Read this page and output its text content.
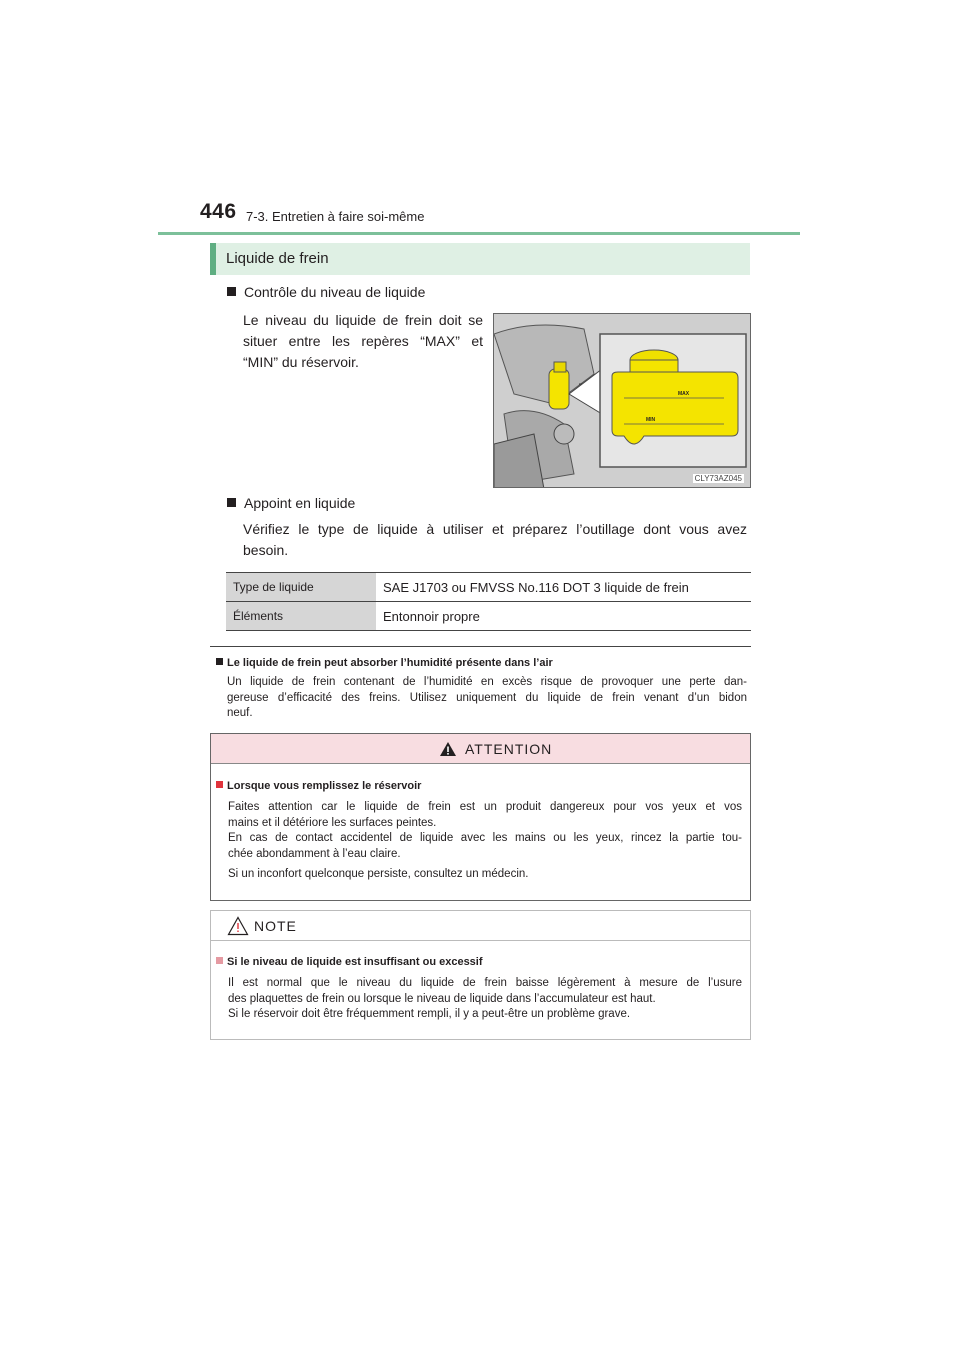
446 7-3. Entretien à faire soi-même
Liquide de frein
Contrôle du niveau de liquide
Le niveau du liquide de frein doit se
situer entre les repères “MAX” et
“MIN” du réservoir.
MAX
MIN
CLY73AZ045
Appoint en liquide
Vérifiez le type de liquide à utiliser et préparez l’outillage dont vous avez
besoin.
Type de liquide	SAE J1703 ou FMVSS No.116 DOT 3 liquide de frein
Éléments	Entonnoir propre
Le liquide de frein peut absorber l’humidité présente dans l’air
Un liquide de frein contenant de l’humidité en excès risque de provoquer une perte dan-
gereuse d’efficacité des freins. Utilisez uniquement du liquide de frein venant d’un bidon
neuf.
ATTENTION
Lorsque vous remplissez le réservoir
Faites attention car le liquide de frein est un produit dangereux pour vos yeux et vos
mains et il détériore les surfaces peintes.
En cas de contact accidentel de liquide avec les mains ou les yeux, rincez la partie tou-
chée abondamment à l’eau claire.
Si un inconfort quelconque persiste, consultez un médecin.
NOTE
Si le niveau de liquide est insuffisant ou excessif
Il est normal que le niveau du liquide de frein baisse légèrement à mesure de l’usure
des plaquettes de frein ou lorsque le niveau de liquide dans l’accumulateur est haut.
Si le réservoir doit être fréquemment rempli, il y a peut-être un problème grave.
